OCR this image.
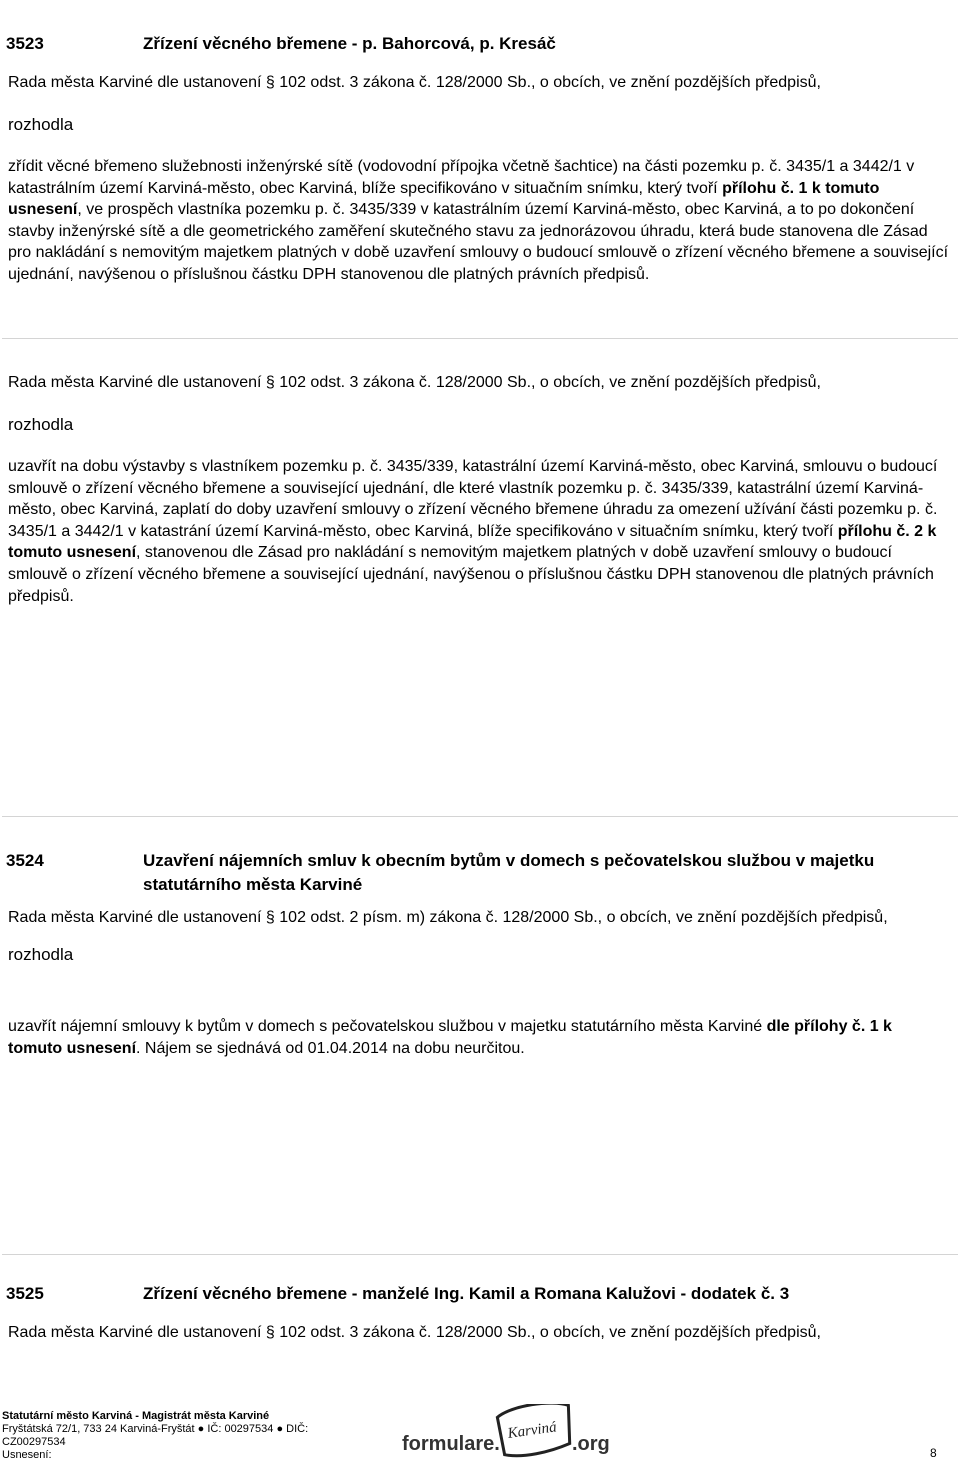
3523	Zřízení věcného břemene - p. Bahorcová, p. Kresáč
Rada města Karviné dle ustanovení § 102 odst. 3 zákona č. 128/2000 Sb., o obcích, ve znění pozdějších předpisů,
rozhodla
zřídit věcné břemeno služebnosti inženýrské sítě (vodovodní přípojka včetně šachtice) na části pozemku p. č. 3435/1 a 3442/1 v katastrálním území Karviná-město, obec Karviná, blíže specifikováno v situačním snímku, který tvoří přílohu č. 1 k tomuto usnesení, ve prospěch vlastníka pozemku p. č. 3435/339 v katastrálním území Karviná-město, obec Karviná, a to po dokončení stavby inženýrské sítě a dle geometrického zaměření skutečného stavu za jednorázovou úhradu, která bude stanovena dle Zásad pro nakládání s nemovitým majetkem platných v době uzavření smlouvy o budoucí smlouvě o zřízení věcného břemene a související ujednání, navýšenou o příslušnou částku DPH stanovenou dle platných právních předpisů.
Rada města Karviné dle ustanovení § 102 odst. 3 zákona č. 128/2000 Sb., o obcích, ve znění pozdějších předpisů,
rozhodla
uzavřít na dobu výstavby s vlastníkem pozemku p. č. 3435/339, katastrální území Karviná-město, obec Karviná, smlouvu o budoucí smlouvě o zřízení věcného břemene a související ujednání, dle které vlastník pozemku p. č. 3435/339, katastrální území Karviná-město, obec Karviná, zaplatí do doby uzavření smlouvy o zřízení věcného břemene úhradu za omezení užívání části pozemku p. č. 3435/1 a 3442/1 v katastrání území Karviná-město, obec Karviná, blíže specifikováno v situačním snímku, který tvoří přílohu č. 2 k tomuto usnesení, stanovenou dle Zásad pro nakládání s nemovitým majetkem platných v době uzavření smlouvy o budoucí smlouvě o zřízení věcného břemene a související ujednání, navýšenou o příslušnou částku DPH stanovenou dle platných právních předpisů.
3524	Uzavření nájemních smluv k obecním bytům v domech s pečovatelskou službou v majetku statutárního města Karviné
Rada města Karviné dle ustanovení § 102 odst. 2 písm. m) zákona č. 128/2000 Sb., o obcích, ve znění pozdějších předpisů,
rozhodla
uzavřít nájemní smlouvy k bytům v domech s pečovatelskou službou v majetku statutárního města Karviné dle přílohy č. 1 k tomuto usnesení. Nájem se sjednává od 01.04.2014 na dobu neurčitou.
3525	Zřízení věcného břemene - manželé Ing. Kamil a Romana Kalužovi - dodatek č. 3
Rada města Karviné dle ustanovení § 102 odst. 3 zákona č. 128/2000 Sb., o obcích, ve znění pozdějších předpisů,
Statutární město Karviná - Magistrát města Karviné
Fryštátská 72/1, 733 24 Karviná-Fryštát ● IČ: 00297534 ● DIČ:
CZ00297534
Usnesení:	formulare.
Karviná
.org	8
